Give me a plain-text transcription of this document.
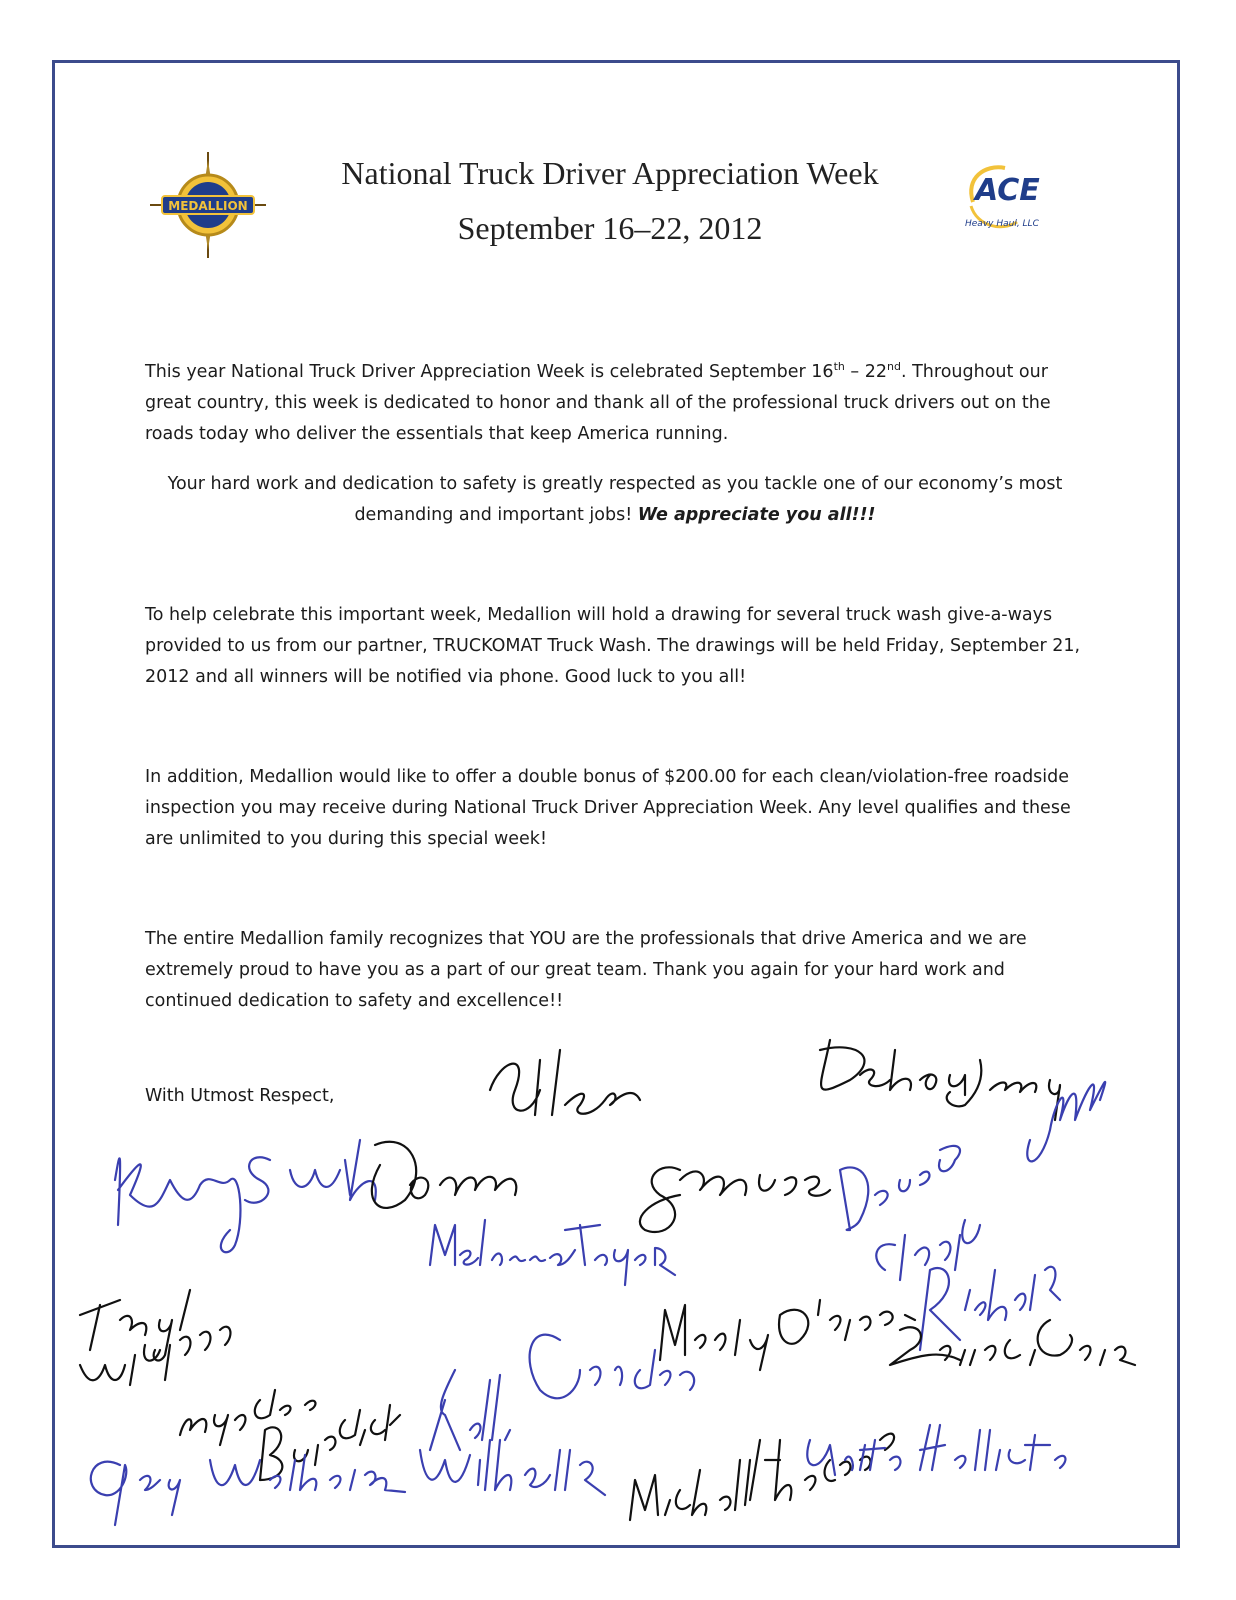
MEDALLION	ACE
Heavy Haul, LLC
National Truck Driver Appreciation Week
September 16–22, 2012
This year National Truck Driver Appreciation Week is celebrated September 16th – 22nd. Throughout our great country, this week is dedicated to honor and thank all of the professional truck drivers out on the roads today who deliver the essentials that keep America running.
Your hard work and dedication to safety is greatly respected as you tackle one of our economy’s most demanding and important jobs! We appreciate you all!!!
To help celebrate this important week, Medallion will hold a drawing for several truck wash give-a-ways provided to us from our partner, TRUCKOMAT Truck Wash. The drawings will be held Friday, September 21, 2012 and all winners will be notified via phone. Good luck to you all!
In addition, Medallion would like to offer a double bonus of $200.00 for each clean/violation-free roadside inspection you may receive during National Truck Driver Appreciation Week. Any level qualifies and these are unlimited to you during this special week!
The entire Medallion family recognizes that YOU are the professionals that drive America and we are extremely proud to have you as a part of our great team. Thank you again for your hard work and continued dedication to safety and excellence!!
With Utmost Respect,
